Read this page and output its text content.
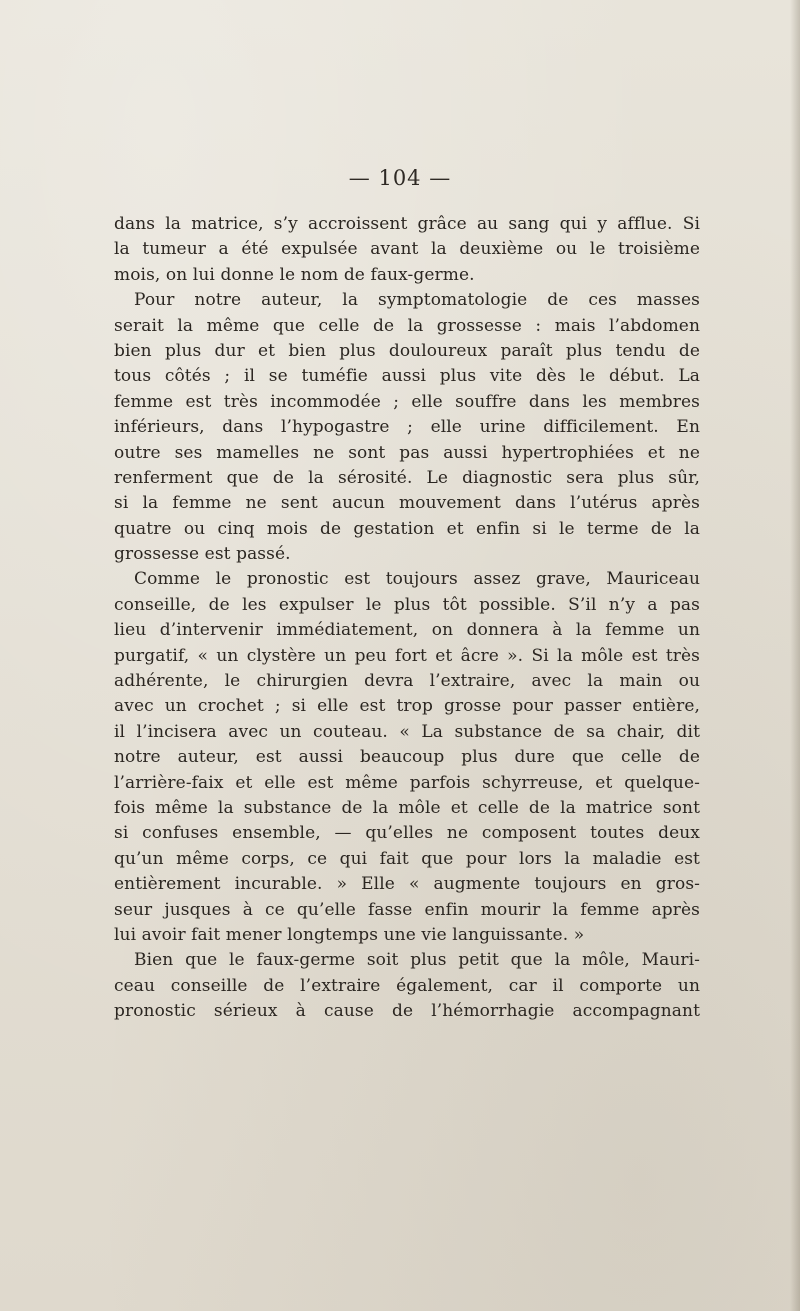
— 104 —
dans la matrice, s’y accroissent grâce au sang qui y afflue. Si
la tumeur a été expulsée avant la deuxième ou le troisième
mois, on lui donne le nom de faux-germe.
Pour notre auteur, la symptomatologie de ces masses
serait la même que celle de la grossesse : mais l’abdomen
bien plus dur et bien plus douloureux paraît plus tendu de
tous côtés ; il se tuméfie aussi plus vite dès le début. La
femme est très incommodée ; elle souffre dans les membres
inférieurs, dans l’hypogastre ; elle urine difficilement. En
outre ses mamelles ne sont pas aussi hypertrophiées et ne
renferment que de la sérosité. Le diagnostic sera plus sûr,
si la femme ne sent aucun mouvement dans l’utérus après
quatre ou cinq mois de gestation et enfin si le terme de la
grossesse est passé.
Comme le pronostic est toujours assez grave, Mauriceau
conseille, de les expulser le plus tôt possible. S’il n’y a pas
lieu d’intervenir immédiatement, on donnera à la femme un
purgatif, « un clystère un peu fort et âcre ». Si la môle est très
adhérente, le chirurgien devra l’extraire, avec la main ou
avec un crochet ; si elle est trop grosse pour passer entière,
il l’incisera avec un couteau. « La substance de sa chair, dit
notre auteur, est aussi beaucoup plus dure que celle de
l’arrière-faix et elle est même parfois schyrreuse, et quelque-
fois même la substance de la môle et celle de la matrice sont
si confuses ensemble, — qu’elles ne composent toutes deux
qu’un même corps, ce qui fait que pour lors la maladie est
entièrement incurable. » Elle « augmente toujours en gros-
seur jusques à ce qu’elle fasse enfin mourir la femme après
lui avoir fait mener longtemps une vie languissante. »
Bien que le faux-germe soit plus petit que la môle, Mauri-
ceau conseille de l’extraire également, car il comporte un
pronostic sérieux à cause de l’hémorrhagie accompagnant
